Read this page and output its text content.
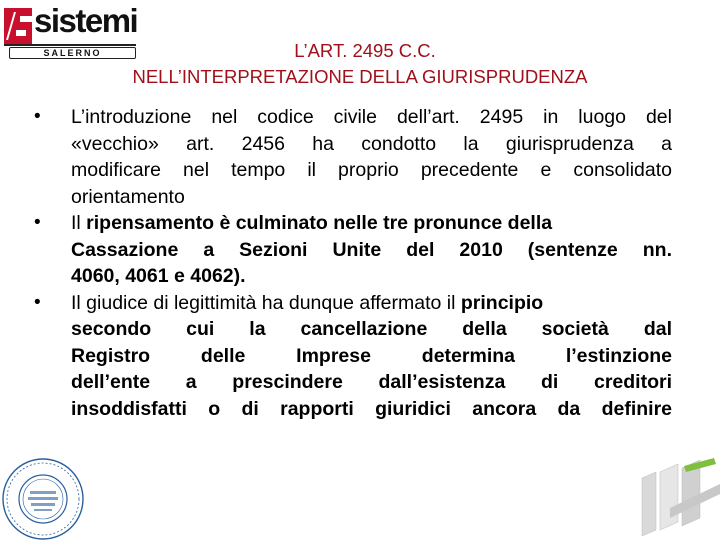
sistemi
SALERNO	L’ART. 2495 C.C.
NELL’INTERPRETAZIONE DELLA GIURISPRUDENZA
• L’introduzione nel codice civile dell’art. 2495 in luogo del
«vecchio» art. 2456 ha condotto la giurisprudenza a
modificare nel tempo il proprio precedente e consolidato
orientamento
• Il ripensamento è culminato nelle tre pronunce della
Cassazione a Sezioni Unite del 2010 (sentenze nn.
4060, 4061 e 4062).
• Il giudice di legittimità ha dunque affermato il principio
secondo cui la cancellazione della società dal
Registro delle Imprese determina l’estinzione
dell’ente a prescindere dall’esistenza di creditori
insoddisfatti o di rapporti giuridici ancora da definire
